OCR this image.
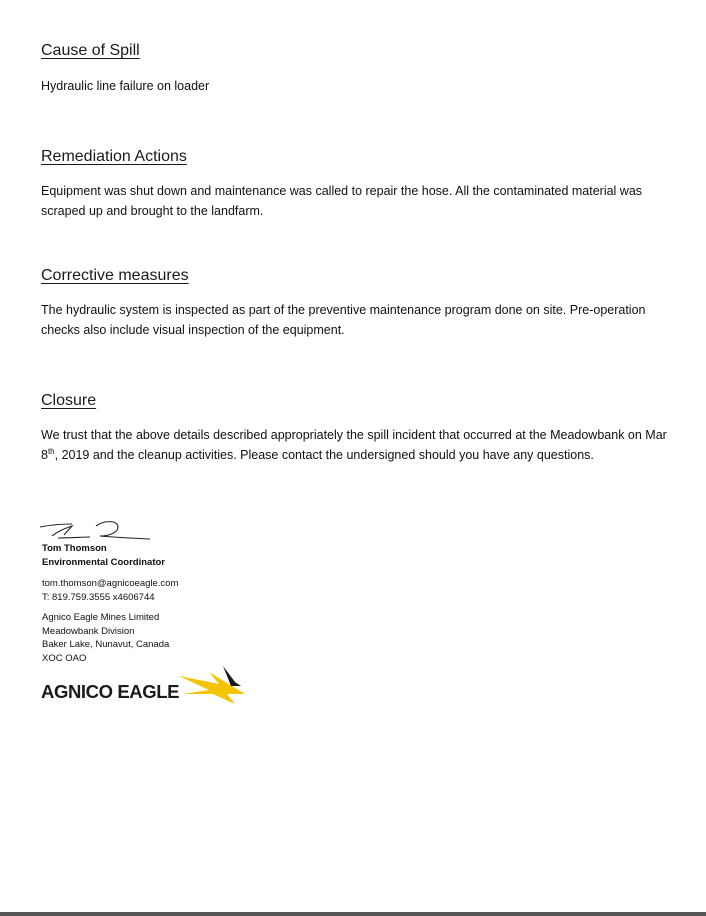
Cause of Spill

Hydraulic line failure on loader

Remediation Actions

Equipment was shut down and maintenance was called to repair the hose. All the contaminated material was scraped up and brought to the landfarm.

Corrective measures

The hydraulic system is inspected as part of the preventive maintenance program done on site. Pre-operation checks also include visual inspection of the equipment.

Closure

We trust that the above details described appropriately the spill incident that occurred at the Meadowbank on Mar 8th, 2019 and the cleanup activities. Please contact the undersigned should you have any questions.

Tom Thomson
Environmental Coordinator
tom.thomson@agnicoeagle.com
T: 819.759.3555 x4606744
Agnico Eagle Mines Limited
Meadowbank Division
Baker Lake, Nunavut, Canada
XOC OAO
AGNICO EAGLE
